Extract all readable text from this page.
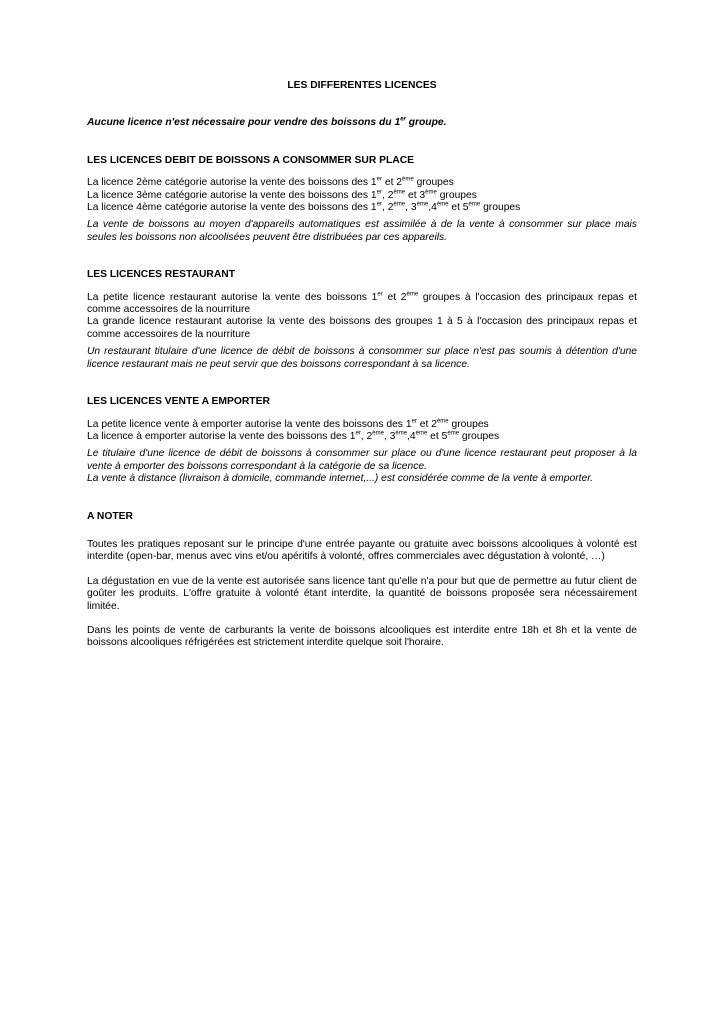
LES DIFFERENTES LICENCES

Aucune licence n'est nécessaire pour vendre des boissons du 1er groupe.

LES LICENCES DEBIT DE BOISSONS A CONSOMMER SUR PLACE

La licence 2ème catégorie autorise la vente des boissons des 1er et 2ème groupes

La licence 3ème catégorie autorise la vente des boissons des 1er, 2ème et 3ème groupes

La licence 4ème catégorie autorise la vente des boissons des 1er, 2ème, 3ème,4ème et 5ème groupes

La vente de boissons au moyen d'appareils automatiques est assimilée à de la vente à consommer sur place mais seules les boissons non alcoolisées peuvent être distribuées par ces appareils.

LES LICENCES RESTAURANT

La petite licence restaurant autorise la vente des boissons 1er et 2ème groupes à l'occasion des principaux repas et comme accessoires de la nourriture

La grande licence restaurant autorise la vente des boissons des groupes 1 à 5 à l'occasion des principaux repas et comme accessoires de la nourriture

Un restaurant titulaire d'une licence de débit de boissons à consommer sur place n'est pas soumis à détention d'une licence restaurant mais ne peut servir que des boissons correspondant à sa licence.

LES LICENCES VENTE A EMPORTER

La petite licence vente à emporter autorise la vente des boissons des 1er et 2ème groupes

La licence à emporter autorise la vente des boissons des 1er, 2ème, 3ème,4ème et 5ème groupes

Le titulaire d'une licence de débit de boissons à consommer sur place ou d'une licence restaurant peut proposer à la vente à emporter des boissons correspondant à la catégorie de sa licence.

La vente à distance (livraison à domicile, commande internet,...) est considérée comme de la vente à emporter.

A NOTER

Toutes les pratiques reposant sur le principe d'une entrée payante ou gratuite avec boissons alcooliques à volonté est interdite (open-bar, menus avec vins et/ou apéritifs à volonté, offres commerciales avec dégustation à volonté, …)

La dégustation en vue de la vente est autorisée sans licence tant qu'elle n'a pour but que de permettre au futur client de goûter les produits. L'offre gratuite à volonté étant interdite, la quantité de boissons proposée sera nécessairement limitée.

Dans les points de vente de carburants la vente de boissons alcooliques est interdite entre 18h et 8h et la vente de boissons alcooliques réfrigérées est strictement interdite quelque soit l'horaire.
